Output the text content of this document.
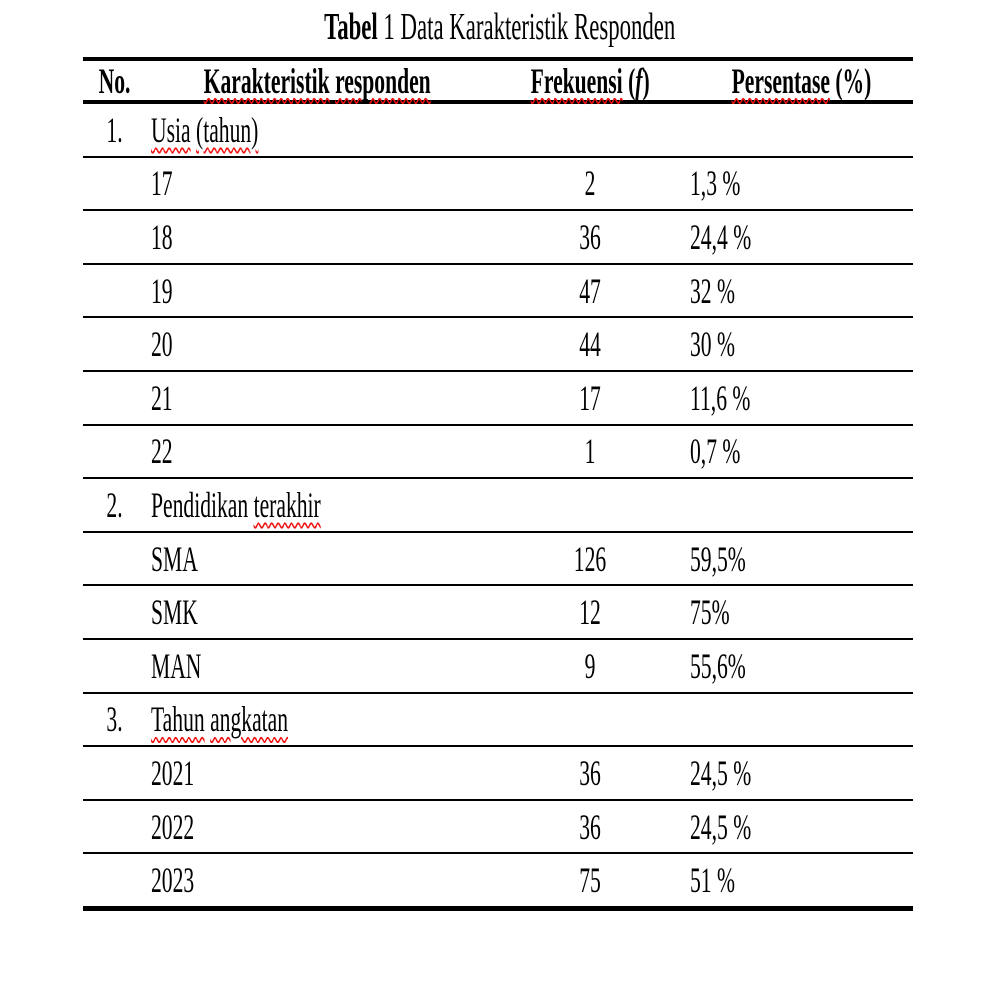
Tabel 1 Data Karakteristik Responden
No. Karakteristik responden	Frekuensi (f) Persentase (%)
1. Usia (tahun)
17	2	1,3 %
18	36 24,4 %
19	47 32 %
20	44 30 %
21	17 11,6 %
22	1	0,7 %
2. Pendidikan terakhir
SMA	126 59,5%
SMK	12 75%
MAN	9	55,6%
3. Tahun angkatan
2021	36 24,5 %
2022	36 24,5 %
2023	75 51 %
